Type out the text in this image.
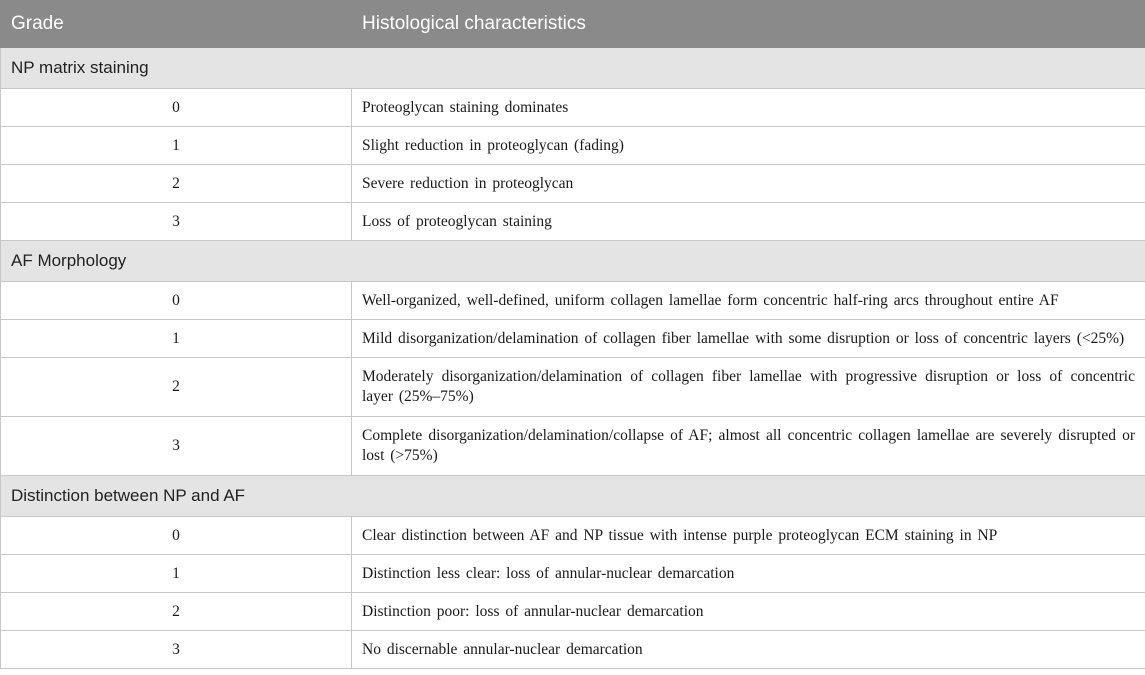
Grade	Histological characteristics
NP matrix staining	
0	Proteoglycan staining dominates
1	Slight reduction in proteoglycan (fading)
2	Severe reduction in proteoglycan
3	Loss of proteoglycan staining
AF Morphology	
0	Well-organized, well-defined, uniform collagen lamellae form concentric half-ring arcs throughout entire AF
1	Mild disorganization/delamination of collagen fiber lamellae with some disruption or loss of concentric layers (<25%)
2	Moderately disorganization/delamination of collagen fiber lamellae with progressive disruption or loss of concentric layer (25%–75%)
3	Complete disorganization/delamination/collapse of AF; almost all concentric collagen lamellae are severely disrupted or lost (>75%)
Distinction between NP and AF	
0	Clear distinction between AF and NP tissue with intense purple proteoglycan ECM staining in NP
1	Distinction less clear: loss of annular-nuclear demarcation
2	Distinction poor: loss of annular-nuclear demarcation
3	No discernable annular-nuclear demarcation
